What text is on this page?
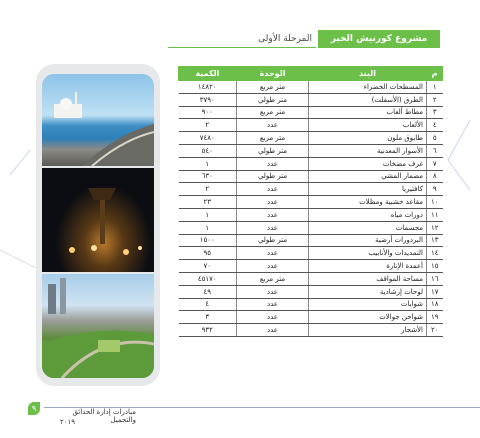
مشروع كورنيش الخبر الجديد
المرحلة الأولى
م	البند	الوحدة	الكمية
١	المسطحات الخضراء	متر مربع	١٤٨٢٠
٢	الطرق (الأسفلت)	متر طولي	٣٧٩٠
٣	مطاط ألعاب	متر مربع	٩٠٠
٤	الألعاب	عدد	٢
٥	طابوق ملون	متر مربع	٧٤٨٠
٦	الأسوار المعدنية	متر طولي	٥٤٠
٧	غرف مضخات	عدد	١
٨	مضمار المشي	متر طولي	٦٣٠
٩	كافتيريا	عدد	٢
١٠	مقاعد خشبية ومظلات	عدد	٢٣
١١	دورات مياه	عدد	١
١٢	مجسمات	عدد	١
١٣	البردورات أرضية	متر طولي	١٥٠٠
١٤	التمديدات والأنابيب	عدد	٩٥
١٥	أعمدة الإنارة	عدد	٧٠
١٦	مساحة المواقف	متر مربع	٤٥١٧٠
١٧	لوحات إرشادية	عدد	٤٩
١٨	شوايات	عدد	٤
١٩	شواحن جوالات	عدد	٣
٢٠	الأشجار	عدد	٩٣٢
٩	مبادرات إدارة الحدائق والتجميل
٢٠١٩
